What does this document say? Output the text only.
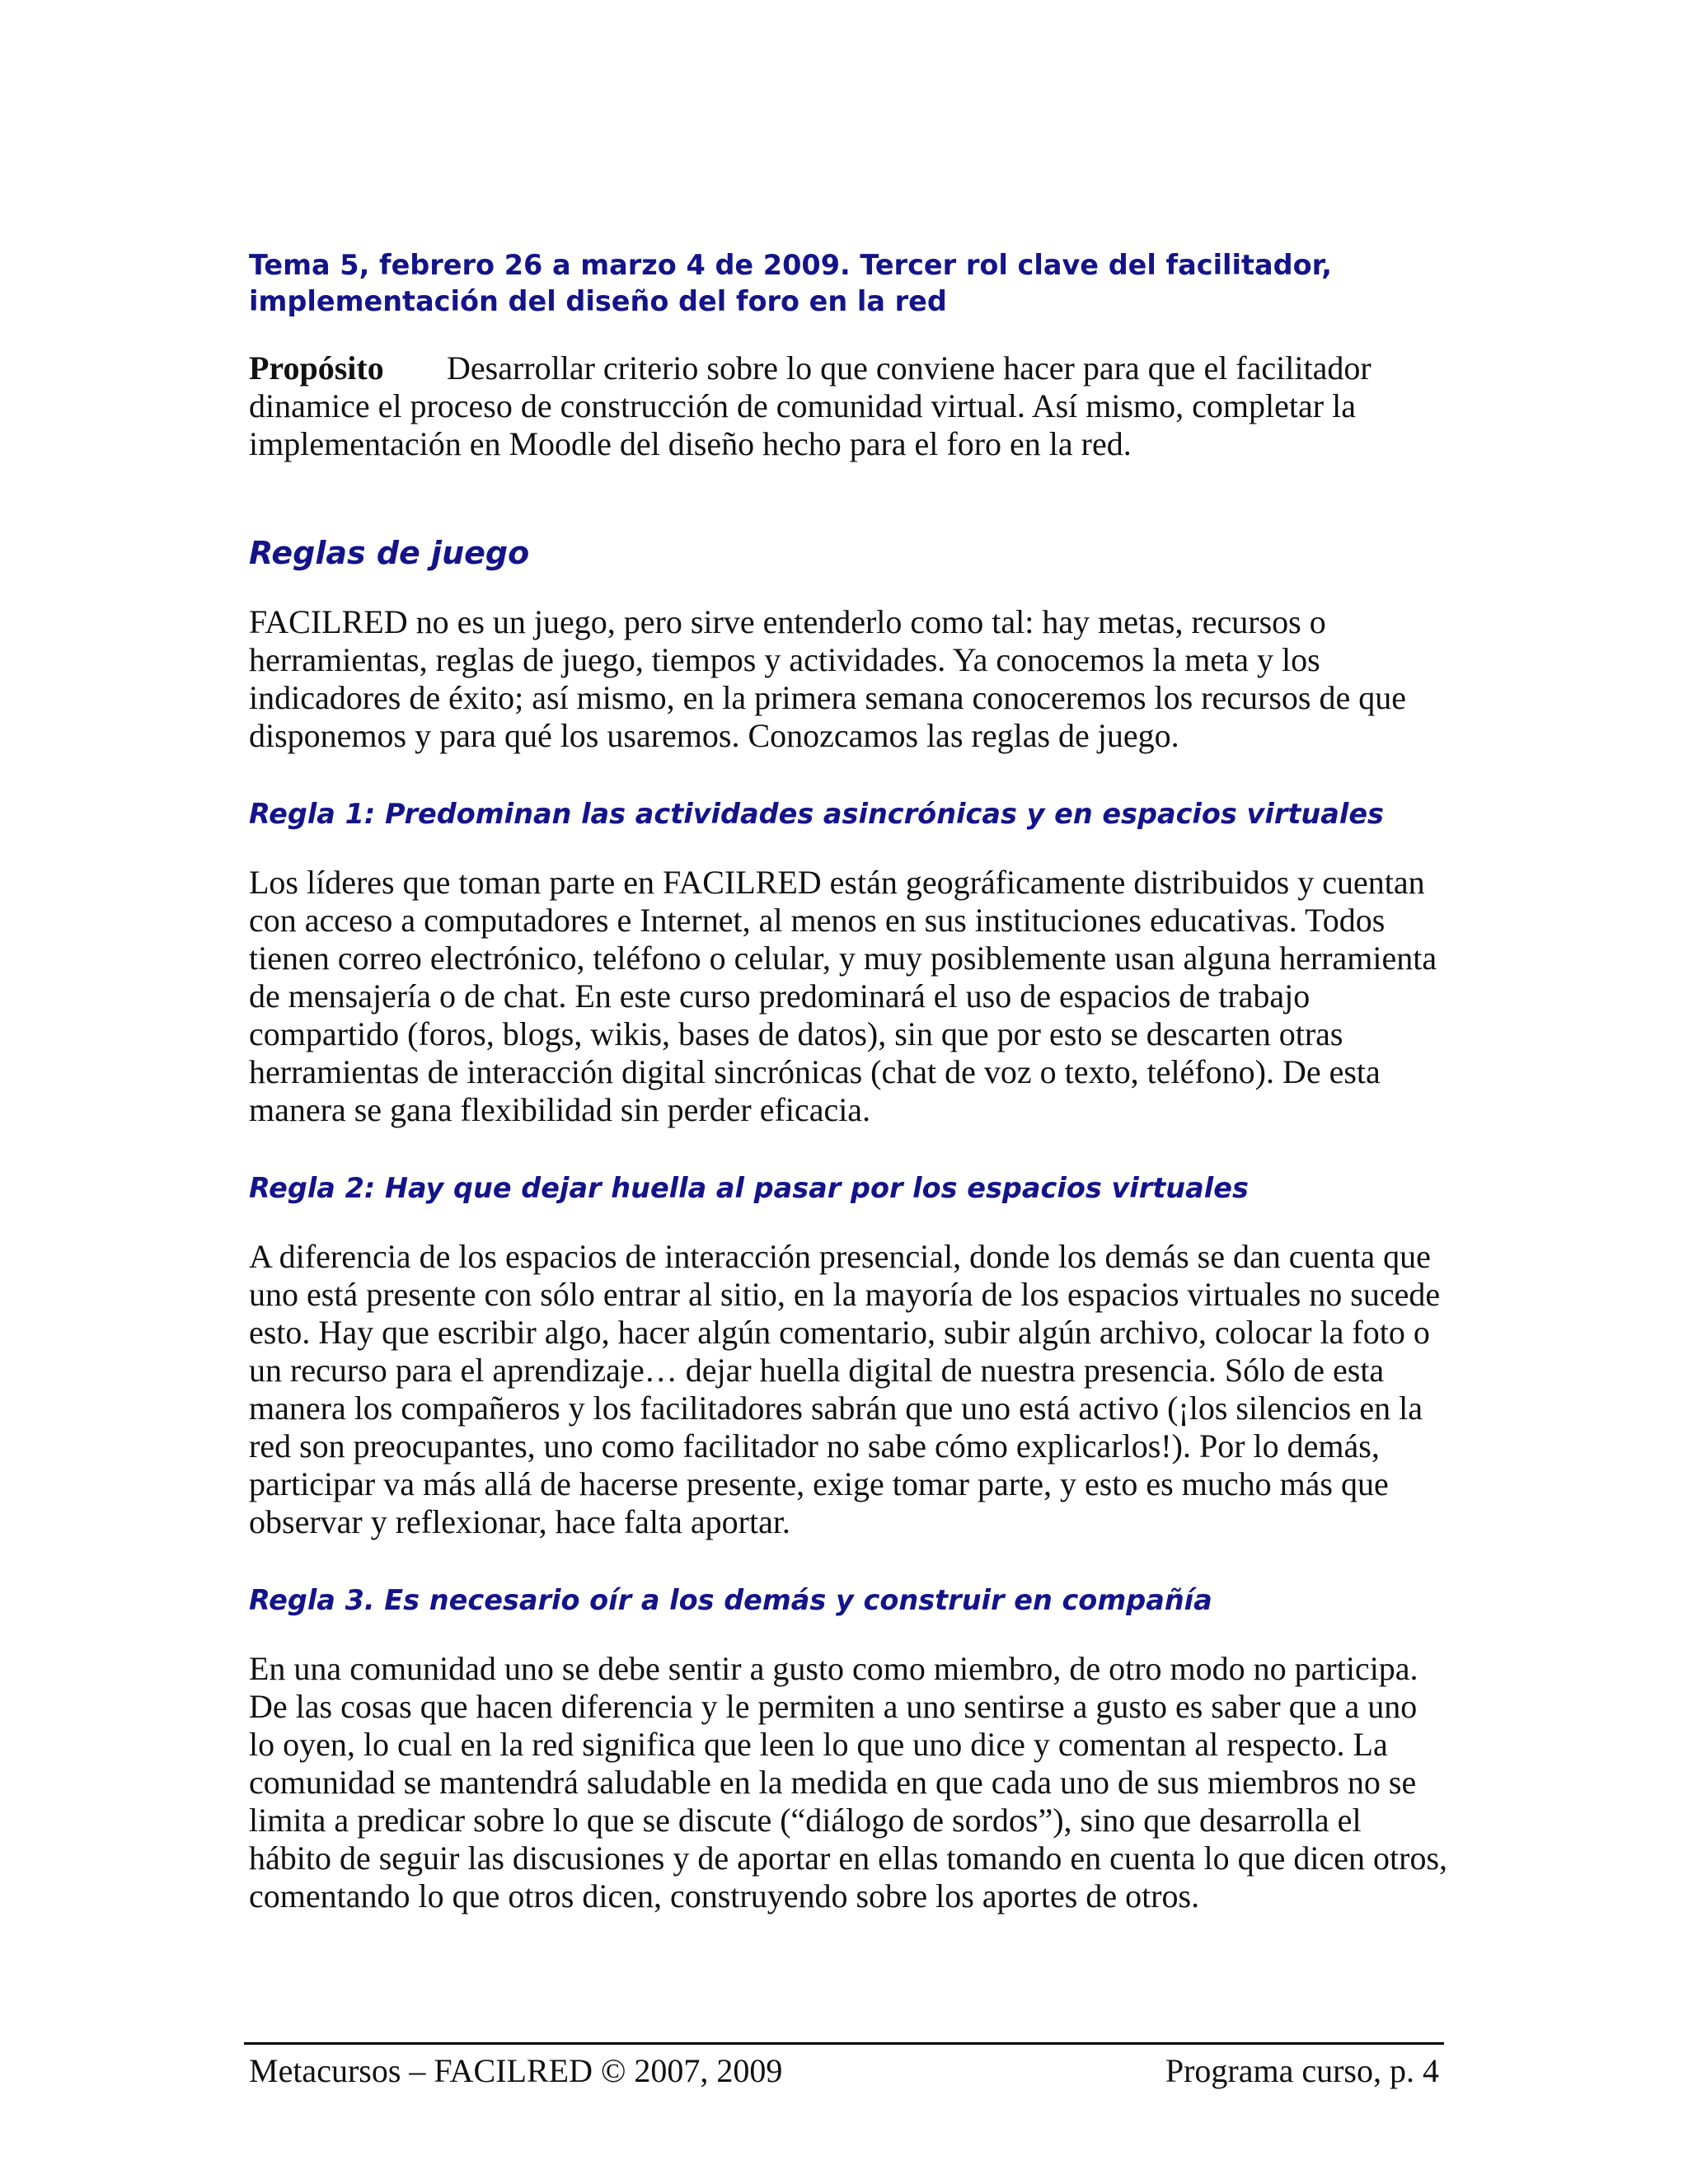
Tema 5, febrero 26 a marzo 4 de 2009. Tercer rol clave del facilitador,
implementación del diseño del foro en la red

Propósito Desarrollar criterio sobre lo que conviene hacer para que el facilitador dinamice el proceso de construcción de comunidad virtual. Así mismo, completar la implementación en Moodle del diseño hecho para el foro en la red.

Reglas de juego

FACILRED no es un juego, pero sirve entenderlo como tal: hay metas, recursos o herramientas, reglas de juego, tiempos y actividades. Ya conocemos la meta y los indicadores de éxito; así mismo, en la primera semana conoceremos los recursos de que disponemos y para qué los usaremos. Conozcamos las reglas de juego.

Regla 1: Predominan las actividades asincrónicas y en espacios virtuales

Los líderes que toman parte en FACILRED están geográficamente distribuidos y cuentan con acceso a computadores e Internet, al menos en sus instituciones educativas. Todos tienen correo electrónico, teléfono o celular, y muy posiblemente usan alguna herramienta de mensajería o de chat. En este curso predominará el uso de espacios de trabajo compartido (foros, blogs, wikis, bases de datos), sin que por esto se descarten otras herramientas de interacción digital sincrónicas (chat de voz o texto, teléfono). De esta manera se gana flexibilidad sin perder eficacia.

Regla 2: Hay que dejar huella al pasar por los espacios virtuales

A diferencia de los espacios de interacción presencial, donde los demás se dan cuenta que uno está presente con sólo entrar al sitio, en la mayoría de los espacios virtuales no sucede esto. Hay que escribir algo, hacer algún comentario, subir algún archivo, colocar la foto o un recurso para el aprendizaje… dejar huella digital de nuestra presencia. Sólo de esta manera los compañeros y los facilitadores sabrán que uno está activo (¡los silencios en la red son preocupantes, uno como facilitador no sabe cómo explicarlos!). Por lo demás, participar va más allá de hacerse presente, exige tomar parte, y esto es mucho más que observar y reflexionar, hace falta aportar.

Regla 3. Es necesario oír a los demás y construir en compañía

En una comunidad uno se debe sentir a gusto como miembro, de otro modo no participa. De las cosas que hacen diferencia y le permiten a uno sentirse a gusto es saber que a uno lo oyen, lo cual en la red significa que leen lo que uno dice y comentan al respecto. La comunidad se mantendrá saludable en la medida en que cada uno de sus miembros no se limita a predicar sobre lo que se discute (“diálogo de sordos”), sino que desarrolla el hábito de seguir las discusiones y de aportar en ellas tomando en cuenta lo que dicen otros, comentando lo que otros dicen, construyendo sobre los aportes de otros.

Metacursos – FACILRED © 2007, 2009	Programa curso, p. 4
